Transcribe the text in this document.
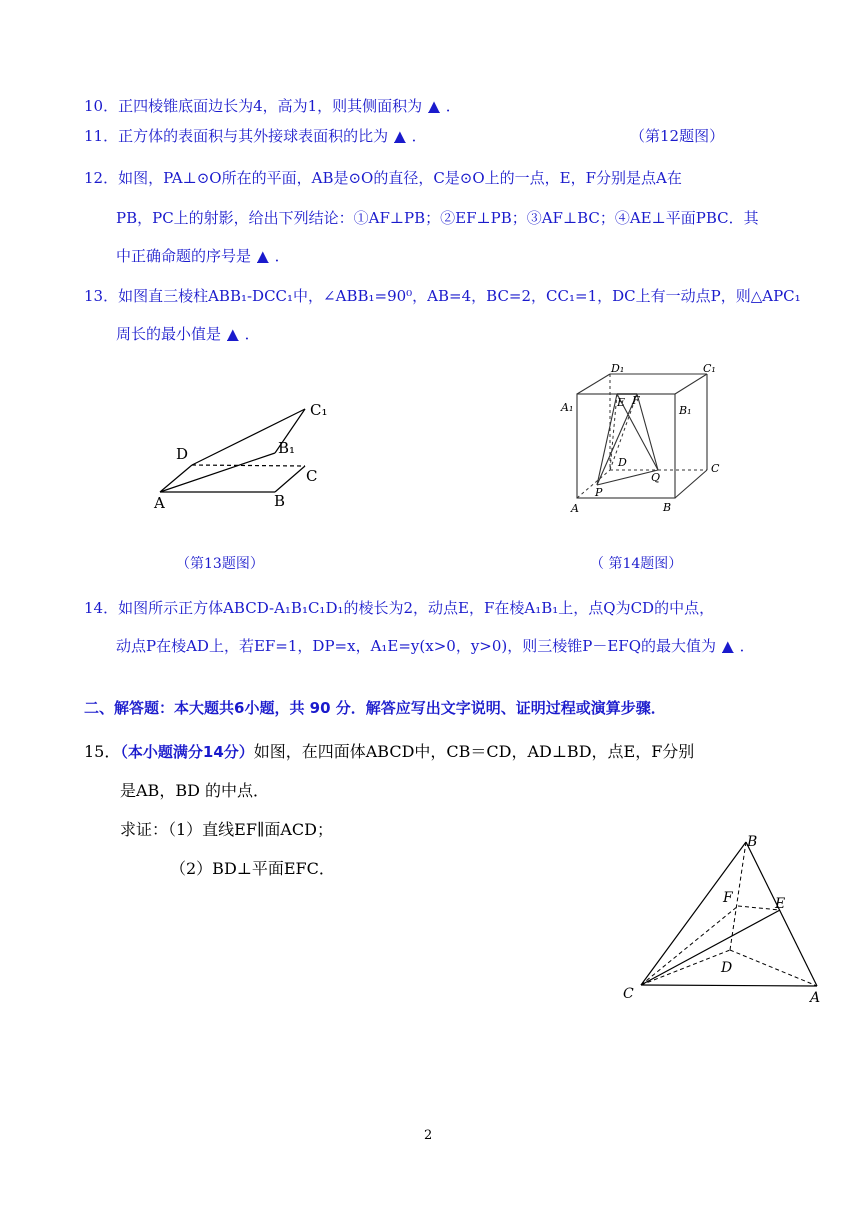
10．正四棱锥底面边长为4，高为1，则其侧面积为 ▲ ．
11．正方体的表面积与其外接球表面积的比为 ▲ ．	（第12题图）
12．如图，PA⊥⊙O所在的平面，AB是⊙O的直径，C是⊙O上的一点，E，F分别是点A在
PB，PC上的射影，给出下列结论：①AF⊥PB；②EF⊥PB；③AF⊥BC；④AE⊥平面PBC．其
中正确命题的序号是 ▲ ．
13．如图直三棱柱ABB₁-DCC₁中，∠ABB₁=90⁰，AB=4，BC=2，CC₁=1，DC上有一动点P，则△APC₁
周长的最小值是 ▲ ．
A	B
C
D	B₁
C₁
（第13题图）
A	B
C
D
A₁	B₁
C₁
D₁
E F
P
Q
（ 第14题图）
14．如图所示正方体ABCD-A₁B₁C₁D₁的棱长为2，动点E，F在棱A₁B₁上，点Q为CD的中点，
动点P在棱AD上，若EF=1，DP=x，A₁E=y(x>0，y>0)，则三棱锥P－EFQ的最大值为 ▲ ．
二、解答题：本大题共6小题，共 90 分．解答应写出文字说明、证明过程或演算步骤．
15．（本小题满分14分）如图，在四面体ABCD中，CB＝CD，AD⊥BD，点E，F分别
是AB，BD 的中点．
求证：（1）直线EF∥面ACD；
（2）BD⊥平面EFC．
B
E
F
D
C	A
2
